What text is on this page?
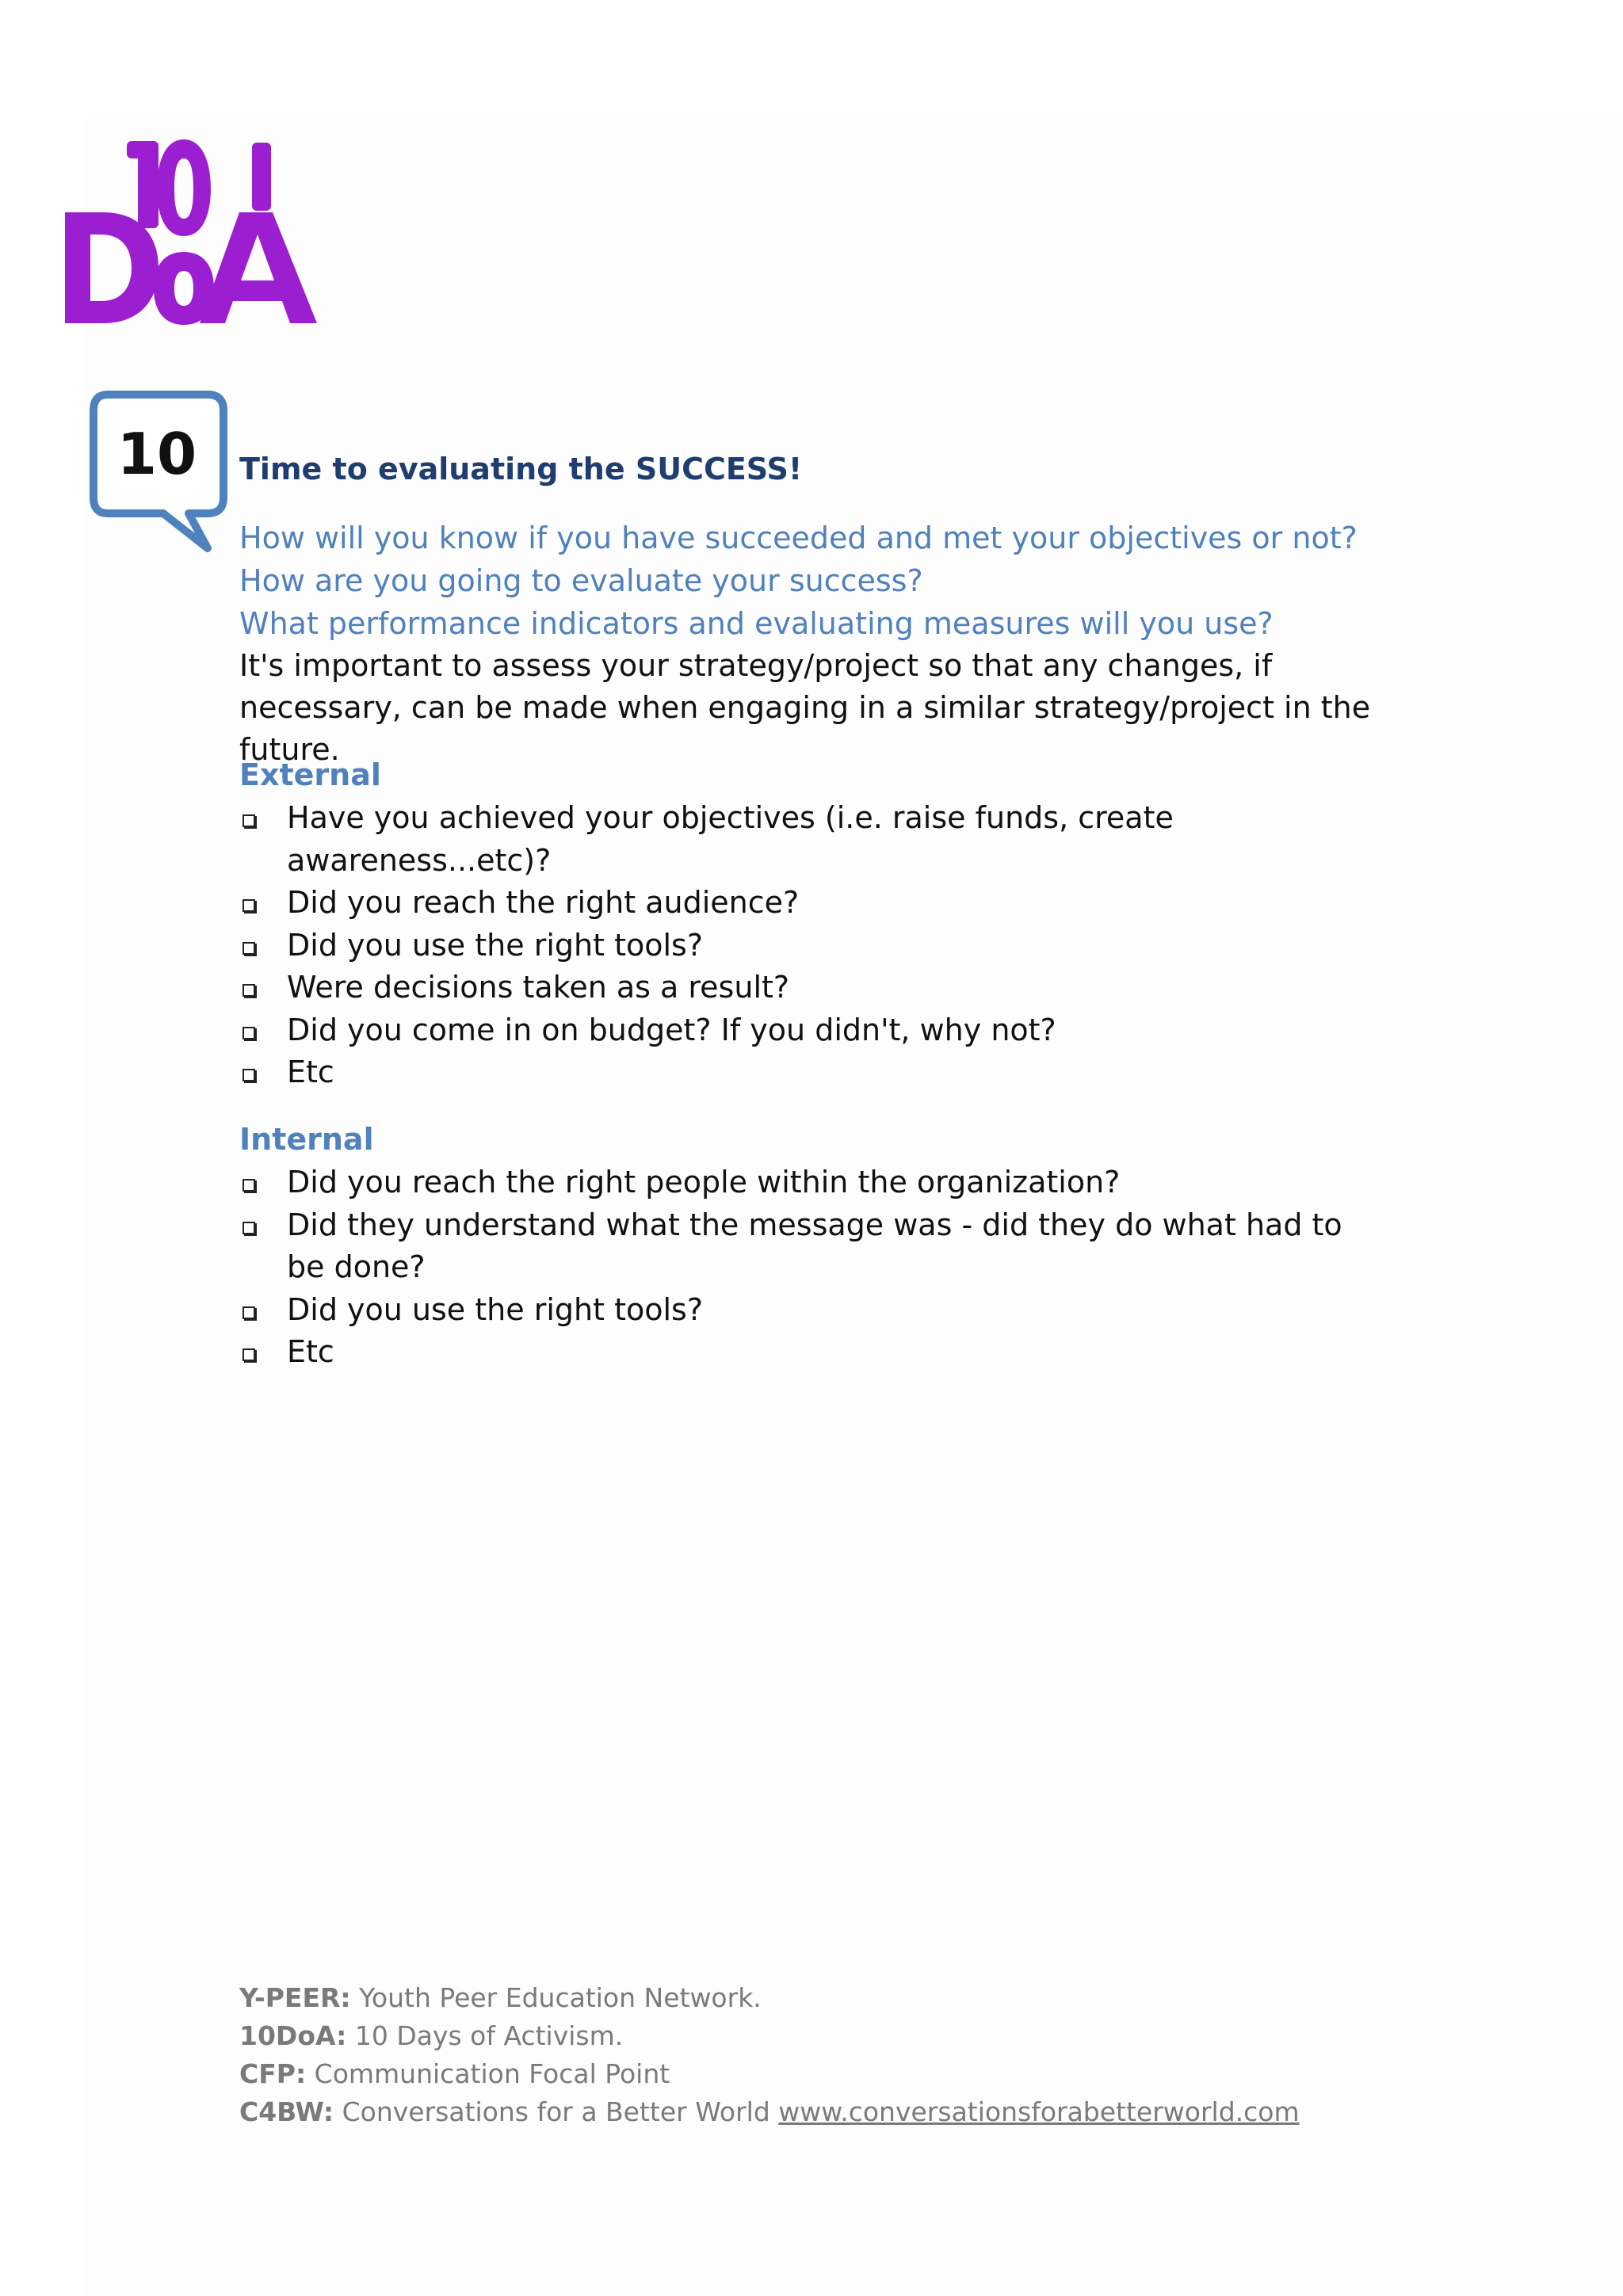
10	Time to evaluating the SUCCESS!
How will you know if you have succeeded and met your objectives or not?
How are you going to evaluate your success?
What performance indicators and evaluating measures will you use?

It's important to assess your strategy/project so that any changes, if necessary, can be made when engaging in a similar strategy/project in the future.

External
Have you achieved your objectives (i.e. raise funds, create awareness...etc)?
Did you reach the right audience?
Did you use the right tools?
Were decisions taken as a result?
Did you come in on budget? If you didn't, why not?
Etc
Internal
Did you reach the right people within the organization?
Did they understand what the message was - did they do what had to be done?
Did you use the right tools?
Etc
Y-PEER: Youth Peer Education Network.
10DoA: 10 Days of Activism.
CFP: Communication Focal Point
C4BW: Conversations for a Better World www.conversationsforabetterworld.com
